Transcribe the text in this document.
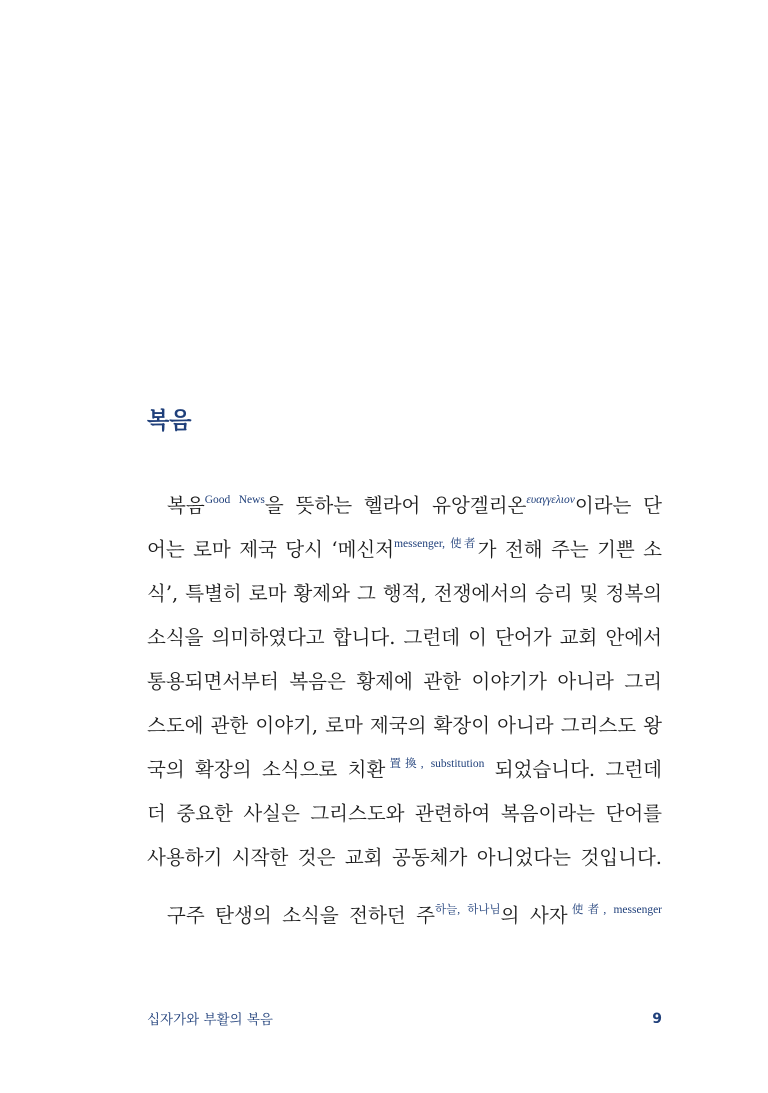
복음
복음$^{Good News}$을 뜻하는 헬라어 유앙겔리온$^{\varepsilon\upsilon\alpha\gamma\gamma\varepsilon\lambda\iota o\nu}$이라는 단
어는 로마 제국 당시 ‘메신저$^{messenger, 使者}$가 전해 주는 기쁜 소
식’, 특별히 로마 황제와 그 행적, 전쟁에서의 승리 및 정복의
소식을 의미하였다고 합니다. 그런데 이 단어가 교회 안에서
통용되면서부터 복음은 황제에 관한 이야기가 아니라 그리
스도에 관한 이야기, 로마 제국의 확장이 아니라 그리스도 왕
국의 확장의 소식으로 치환$^{置換, substitution}$ 되었습니다. 그런데
더 중요한 사실은 그리스도와 관련하여 복음이라는 단어를
사용하기 시작한 것은 교회 공동체가 아니었다는 것입니다.
구주 탄생의 소식을 전하던 주$^{하늘, 하나님}$의 사자$^{使者, messenger}$
십자가와 부활의 복음	9
